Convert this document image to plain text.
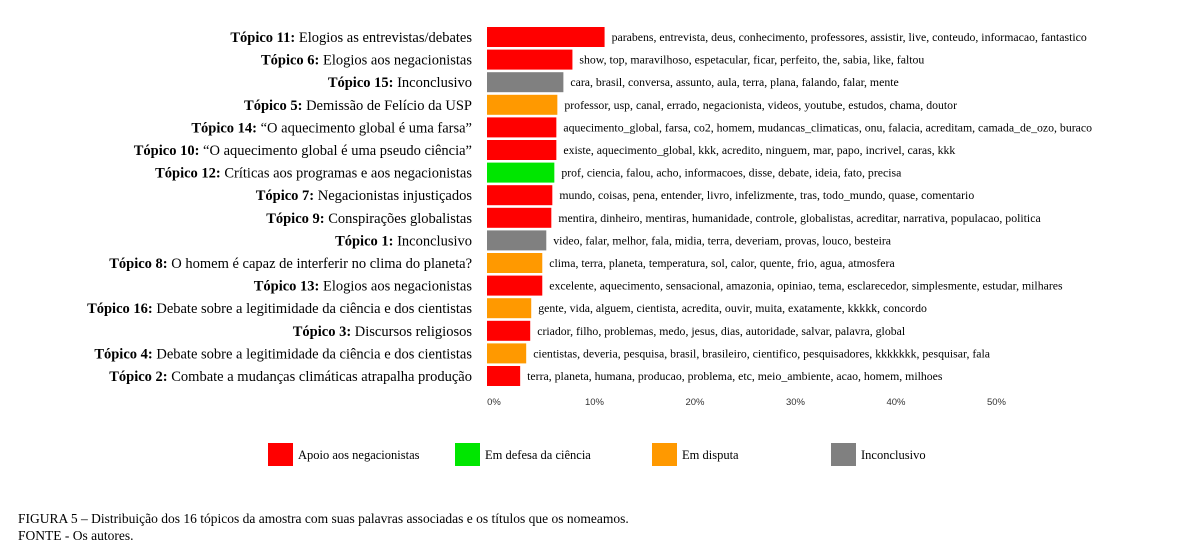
Tópico 11: Elogios as entrevistas/debates	parabens, entrevista, deus, conhecimento, professores, assistir, live, conteudo, informacao, fantastico
Tópico 6: Elogios aos negacionistas	show, top, maravilhoso, espetacular, ficar, perfeito, the, sabia, like, faltou
Tópico 15: Inconclusivo	cara, brasil, conversa, assunto, aula, terra, plana, falando, falar, mente
Tópico 5: Demissão de Felício da USP	professor, usp, canal, errado, negacionista, videos, youtube, estudos, chama, doutor
Tópico 14: “O aquecimento global é uma farsa”	aquecimento_global, farsa, co2, homem, mudancas_climaticas, onu, falacia, acreditam, camada_de_ozo, buraco
Tópico 10: “O aquecimento global é uma pseudo ciência”	existe, aquecimento_global, kkk, acredito, ninguem, mar, papo, incrivel, caras, kkk
Tópico 12: Críticas aos programas e aos negacionistas	prof, ciencia, falou, acho, informacoes, disse, debate, ideia, fato, precisa
Tópico 7: Negacionistas injustiçados	mundo, coisas, pena, entender, livro, infelizmente, tras, todo_mundo, quase, comentario
Tópico 9: Conspirações globalistas	mentira, dinheiro, mentiras, humanidade, controle, globalistas, acreditar, narrativa, populacao, politica
Tópico 1: Inconclusivo	video, falar, melhor, fala, midia, terra, deveriam, provas, louco, besteira
Tópico 8: O homem é capaz de interferir no clima do planeta?	clima, terra, planeta, temperatura, sol, calor, quente, frio, agua, atmosfera
Tópico 13: Elogios aos negacionistas	excelente, aquecimento, sensacional, amazonia, opiniao, tema, esclarecedor, simplesmente, estudar, milhares
Tópico 16: Debate sobre a legitimidade da ciência e dos cientistas	gente, vida, alguem, cientista, acredita, ouvir, muita, exatamente, kkkkk, concordo
Tópico 3: Discursos religiosos	criador, filho, problemas, medo, jesus, dias, autoridade, salvar, palavra, global
Tópico 4: Debate sobre a legitimidade da ciência e dos cientistas	cientistas, deveria, pesquisa, brasil, brasileiro, cientifico, pesquisadores, kkkkkkk, pesquisar, fala
Tópico 2: Combate a mudanças climáticas atrapalha produção	terra, planeta, humana, producao, problema, etc, meio_ambiente, acao, homem, milhoes
0%	10%	20%	30%	40%	50%
Apoio aos negacionistas	Em defesa da ciência	Em disputa	Inconclusivo
FIGURA 5 – Distribuição dos 16 tópicos da amostra com suas palavras associadas e os títulos que os nomeamos.
FONTE - Os autores.
